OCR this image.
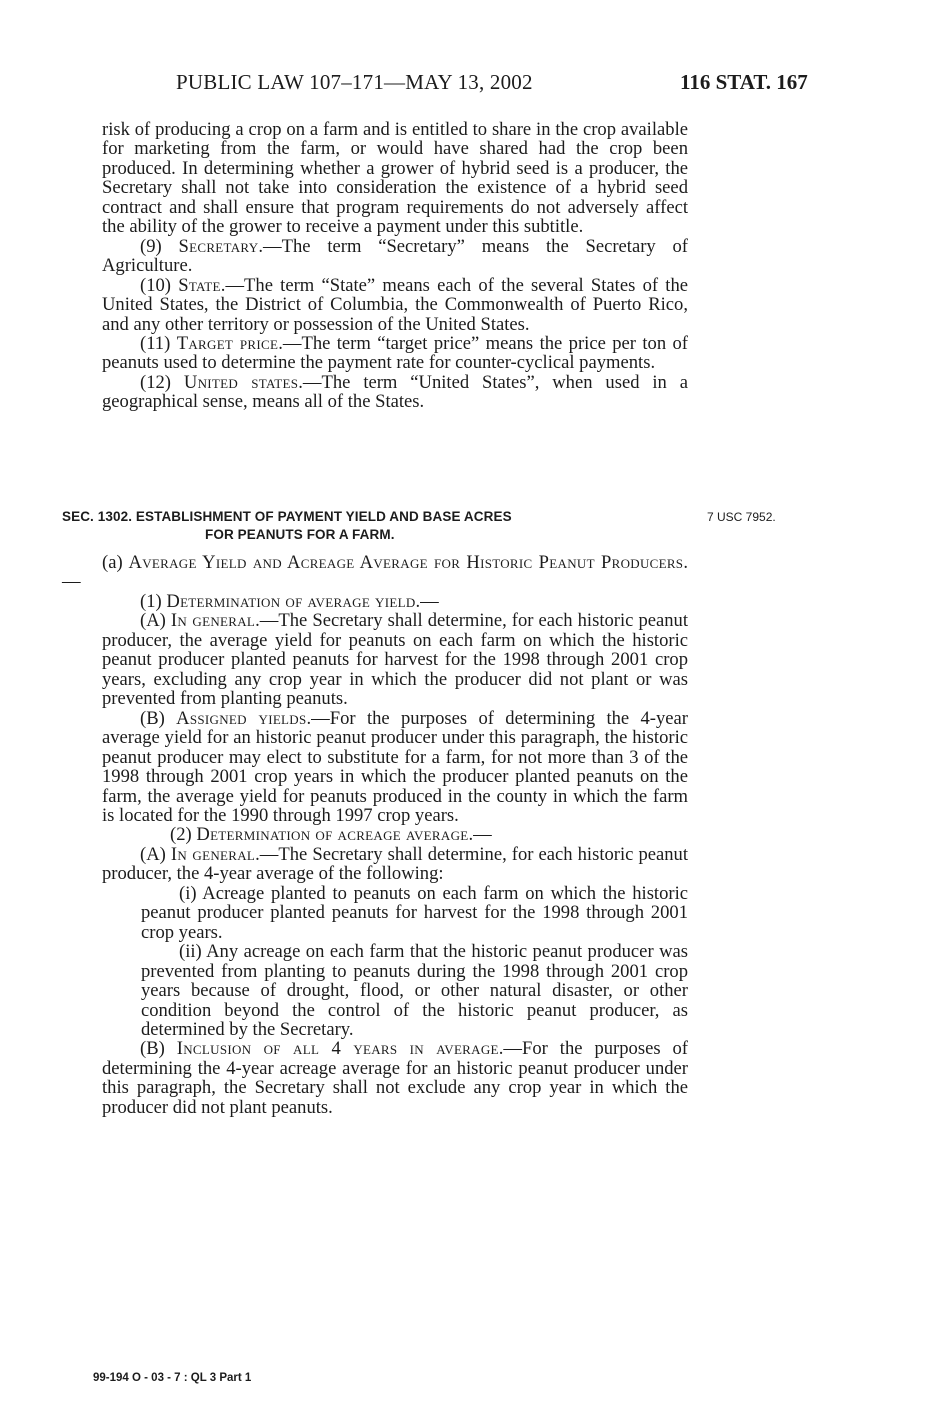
PUBLIC LAW 107–171—MAY 13, 2002	116 STAT. 167

risk of producing a crop on a farm and is entitled to share in the crop available for marketing from the farm, or would have shared had the crop been produced. In determining whether a grower of hybrid seed is a producer, the Secretary shall not take into consideration the existence of a hybrid seed contract and shall ensure that program requirements do not adversely affect the ability of the grower to receive a payment under this subtitle.

(9) Secretary.—The term “Secretary” means the Secretary of Agriculture.

(10) State.—The term “State” means each of the several States of the United States, the District of Columbia, the Commonwealth of Puerto Rico, and any other territory or possession of the United States.

(11) Target price.—The term “target price” means the price per ton of peanuts used to determine the payment rate for counter-cyclical payments.

(12) United states.—The term “United States”, when used in a geographical sense, means all of the States.

SEC. 1302. ESTABLISHMENT OF PAYMENT YIELD AND BASE ACRES
FOR PEANUTS FOR A FARM.
7 USC 7952.

(a) Average Yield and Acreage Average for Historic Peanut Producers.—

(1) Determination of average yield.—

(A) In general.—The Secretary shall determine, for each historic peanut producer, the average yield for peanuts on each farm on which the historic peanut producer planted peanuts for harvest for the 1998 through 2001 crop years, excluding any crop year in which the producer did not plant or was prevented from planting peanuts.

(B) Assigned yields.—For the purposes of determining the 4-year average yield for an historic peanut producer under this paragraph, the historic peanut producer may elect to substitute for a farm, for not more than 3 of the 1998 through 2001 crop years in which the producer planted peanuts on the farm, the average yield for peanuts produced in the county in which the farm is located for the 1990 through 1997 crop years.

(2) Determination of acreage average.—

(A) In general.—The Secretary shall determine, for each historic peanut producer, the 4-year average of the following:

(i) Acreage planted to peanuts on each farm on which the historic peanut producer planted peanuts for harvest for the 1998 through 2001 crop years.

(ii) Any acreage on each farm that the historic peanut producer was prevented from planting to peanuts during the 1998 through 2001 crop years because of drought, flood, or other natural disaster, or other condition beyond the control of the historic peanut producer, as determined by the Secretary.

(B) Inclusion of all 4 years in average.—For the purposes of determining the 4-year acreage average for an historic peanut producer under this paragraph, the Secretary shall not exclude any crop year in which the producer did not plant peanuts.

99-194 O - 03 - 7 : QL 3 Part 1
